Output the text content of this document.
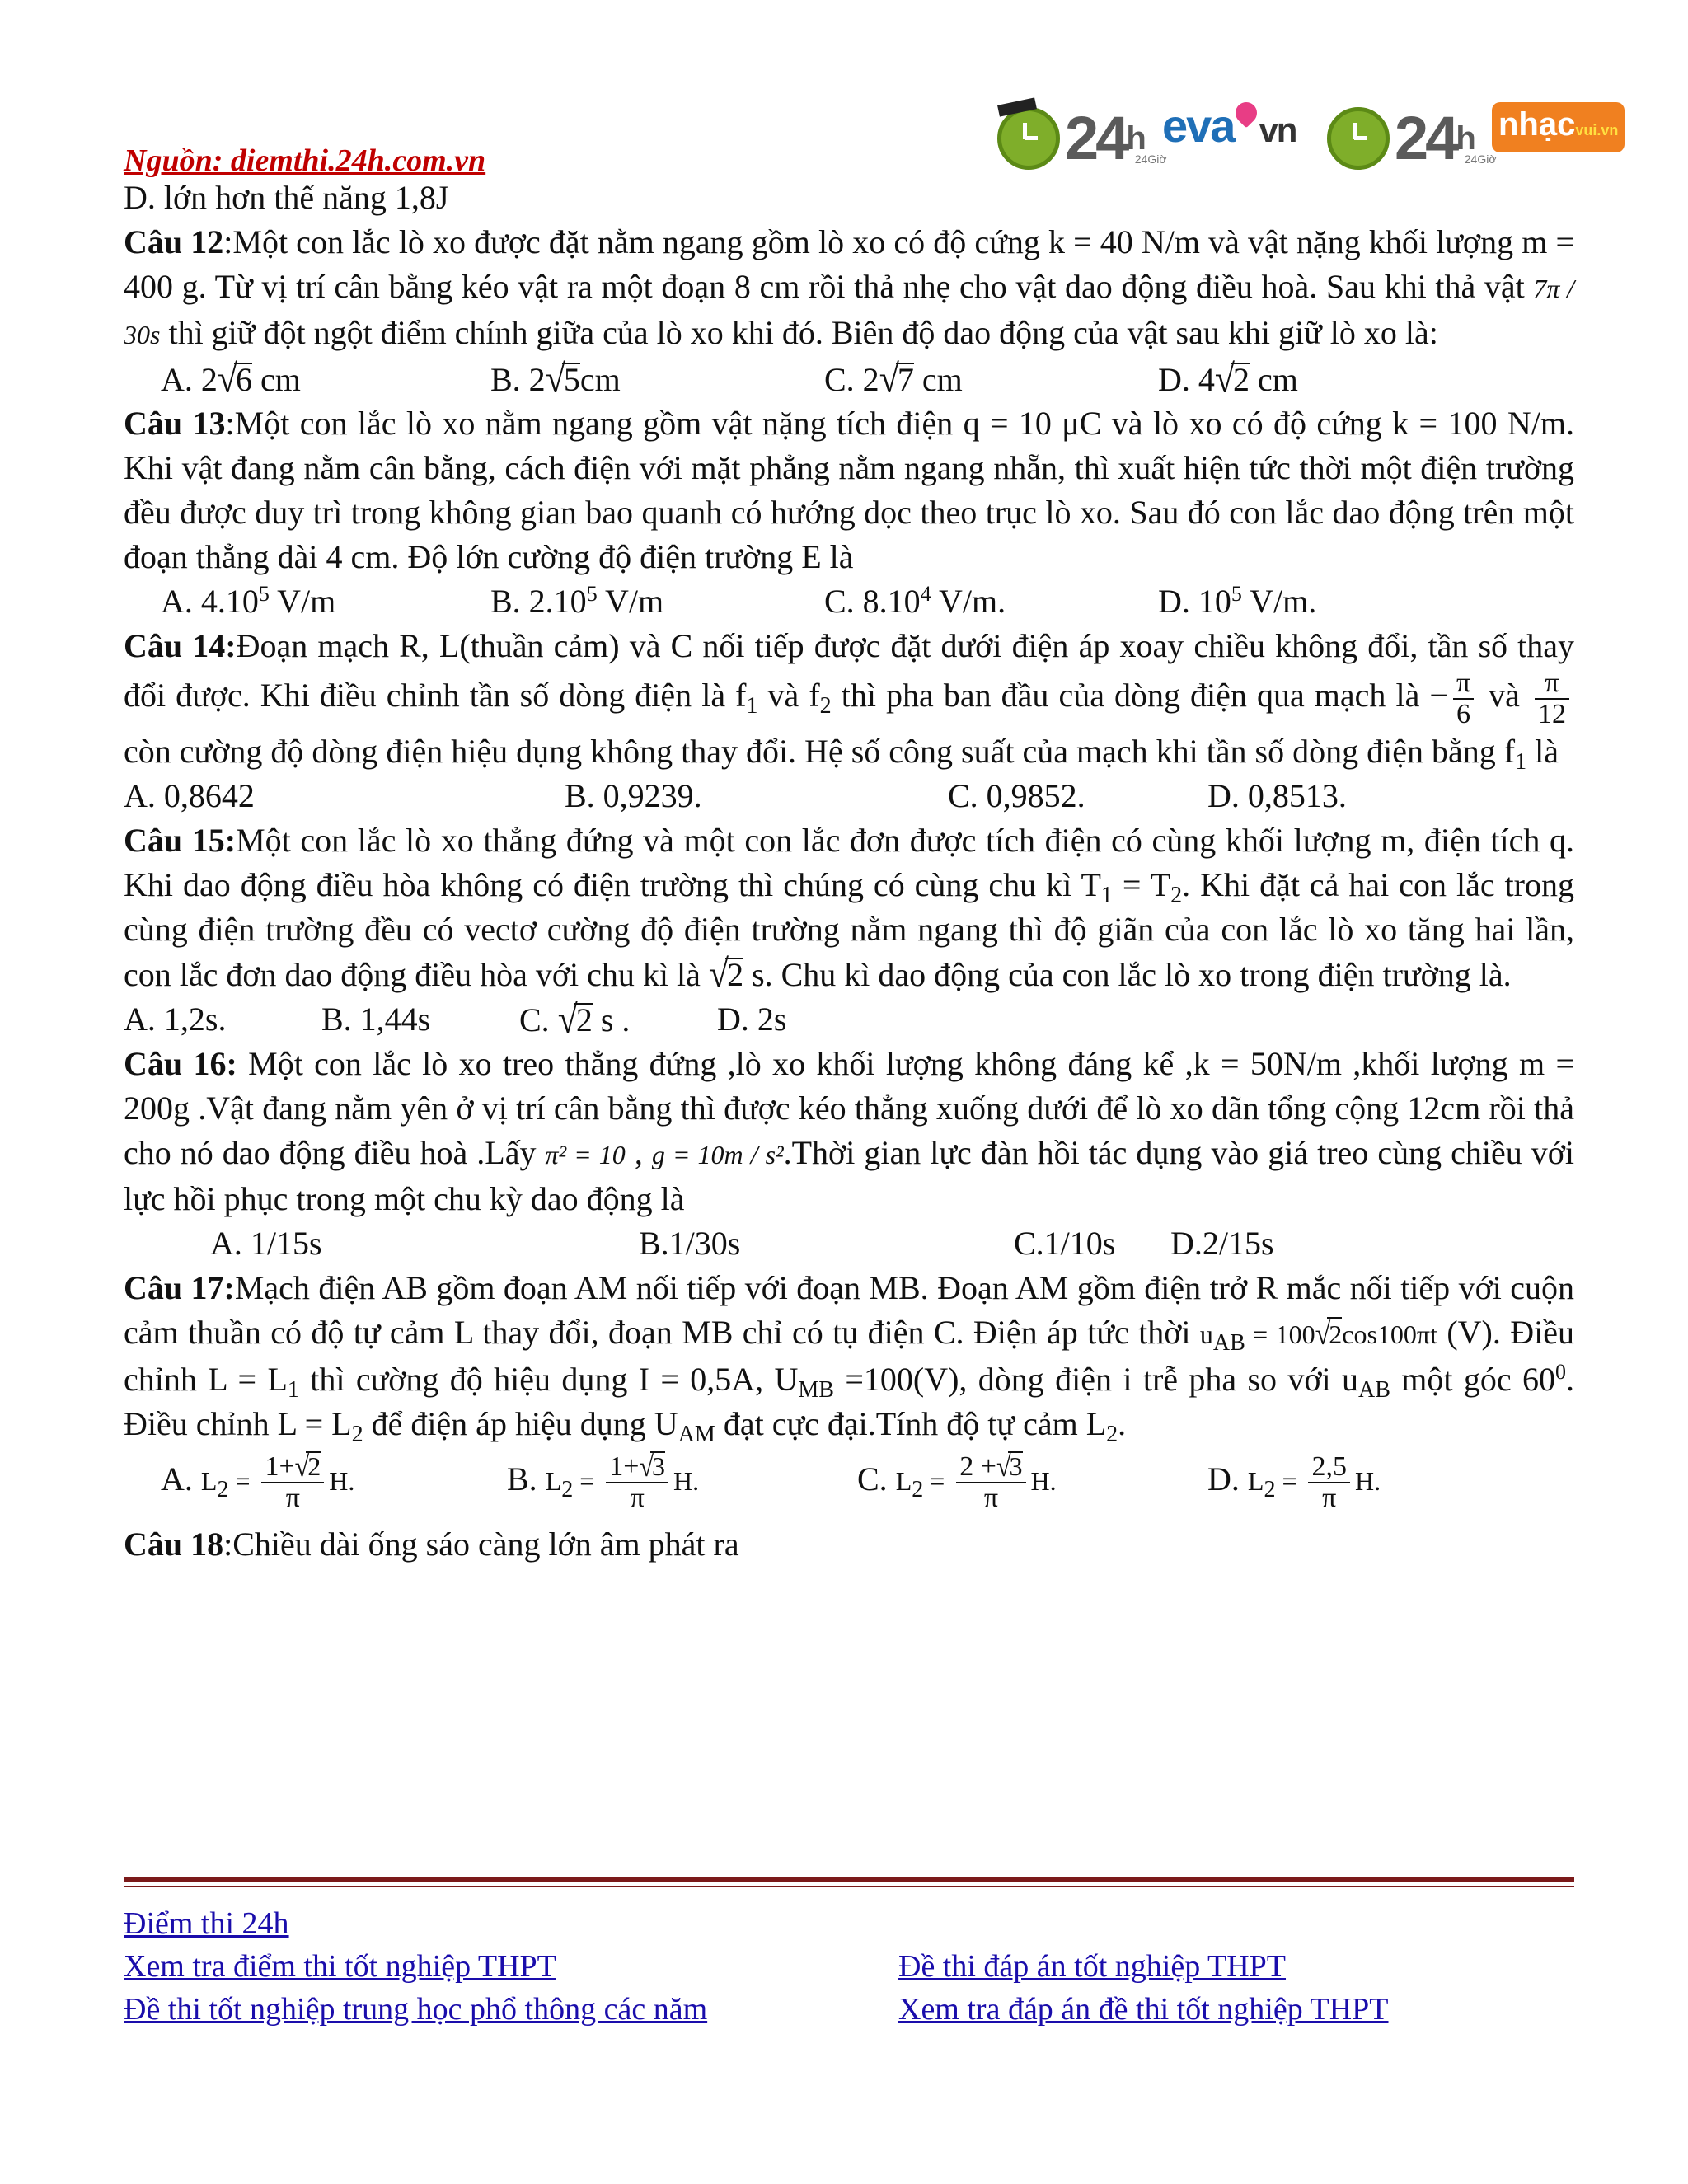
Nguồn: diemthi.24h.com.vn	24 h
24Giờ
eva vn 24 h
24Giờ
nhạcvui.vn

D. lớn hơn thế năng 1,8J

Câu 12:Một con lắc lò xo được đặt nằm ngang gồm lò xo có độ cứng k = 40 N/m và vật nặng khối lượng m = 400 g. Từ vị trí cân bằng kéo vật ra một đoạn 8 cm rồi thả nhẹ cho vật dao động điều hoà. Sau khi thả vật 7π / 30s thì giữ đột ngột điểm chính giữa của lò xo khi đó. Biên độ dao động của vật sau khi giữ lò xo là:

A. 2√6 cm	B. 2√5cm	C. 2√7 cm	D. 4√2 cm

Câu 13:Một con lắc lò xo nằm ngang gồm vật nặng tích điện q = 10 μC và lò xo có độ cứng k = 100 N/m. Khi vật đang nằm cân bằng, cách điện với mặt phẳng nằm ngang nhẵn, thì xuất hiện tức thời một điện trường đều được duy trì trong không gian bao quanh có hướng dọc theo trục lò xo. Sau đó con lắc dao động trên một đoạn thẳng dài 4 cm. Độ lớn cường độ điện trường E là

A. 4.10$^5$ V/m	B. 2.10$^5$ V/m	C. 8.10$^4$ V/m.	D. $10^5$ V/m.

Câu 14:Đoạn mạch R, L(thuần cảm) và C nối tiếp được đặt dưới điện áp xoay chiều không đổi, tần số thay đổi được. Khi điều chỉnh tần số dòng điện là $f_1$ và $f_2$ thì pha ban đầu của dòng điện qua mạch là − $\frac{\pi}{6}$ và $\frac{\pi}{12}$
còn cường độ dòng điện hiệu dụng không thay đổi. Hệ số công suất của mạch khi tần số dòng điện bằng $f_1$ là

A. 0,8642	B. 0,9239.	C. 0,9852.	D. 0,8513.

Câu 15:Một con lắc lò xo thẳng đứng và một con lắc đơn được tích điện có cùng khối lượng m, điện tích q. Khi dao động điều hòa không có điện trường thì chúng có cùng chu kì $T_1 = T_2$. Khi đặt cả hai con lắc trong cùng điện trường đều có vectơ cường độ điện trường nằm ngang thì độ giãn của con lắc lò xo tăng hai lần, con lắc đơn dao động điều hòa với chu kì là √2 s. Chu kì dao động của con lắc lò xo trong điện trường là.

A. 1,2s.	B. 1,44s	C. √2 s .	D. 2s

Câu 16: Một con lắc lò xo treo thẳng đứng ,lò xo khối lượng không đáng kể ,k = 50N/m ,khối lượng m = 200g .Vật đang nằm yên ở vị trí cân bằng thì được kéo thẳng xuống dưới để lò xo dãn tổng cộng 12cm rồi thả cho nó dao động điều hoà .Lấy π² = 10 , g = 10m / s².Thời gian lực đàn hồi tác dụng vào giá treo cùng chiều với lực hồi phục trong một chu kỳ dao động là

A. 1/15s	B.1/30s	C.1/10s D.2/15s

Câu 17:Mạch điện AB gồm đoạn AM nối tiếp với đoạn MB. Đoạn AM gồm điện trở R mắc nối tiếp với cuộn cảm thuần có độ tự cảm L thay đổi, đoạn MB chỉ có tụ điện C. Điện áp tức thời $u_{AB} = 100√2\cos 100\pi t$ (V). Điều chỉnh $L = L_1$ thì cường độ hiệu dụng I = 0,5A, $U_{MB} =100(V)$, dòng điện i trễ pha so với $u_{AB}$ một góc $60^0$. Điều chỉnh $L = L_2$ để điện áp hiệu dụng $U_{AM}$ đạt cực đại.Tính độ tự cảm $L_2$.

A. $L_2 = \frac{1+√2}{\pi} H$.	B. $L_2 = \frac{1+√3}{\pi} H$.	C. $L_2 = \frac{2 +√3}{\pi} H$.	D. $L_2 = \frac{2,5}{\pi} H$.

Câu 18:Chiều dài ống sáo càng lớn âm phát ra

Điểm thi 24h
Xem tra điểm thi tốt nghiệp THPT	Đề thi đáp án tốt nghiệp THPT
Đề thi tốt nghiệp trung học phổ thông các năm	Xem tra đáp án đề thi tốt nghiệp THPT
